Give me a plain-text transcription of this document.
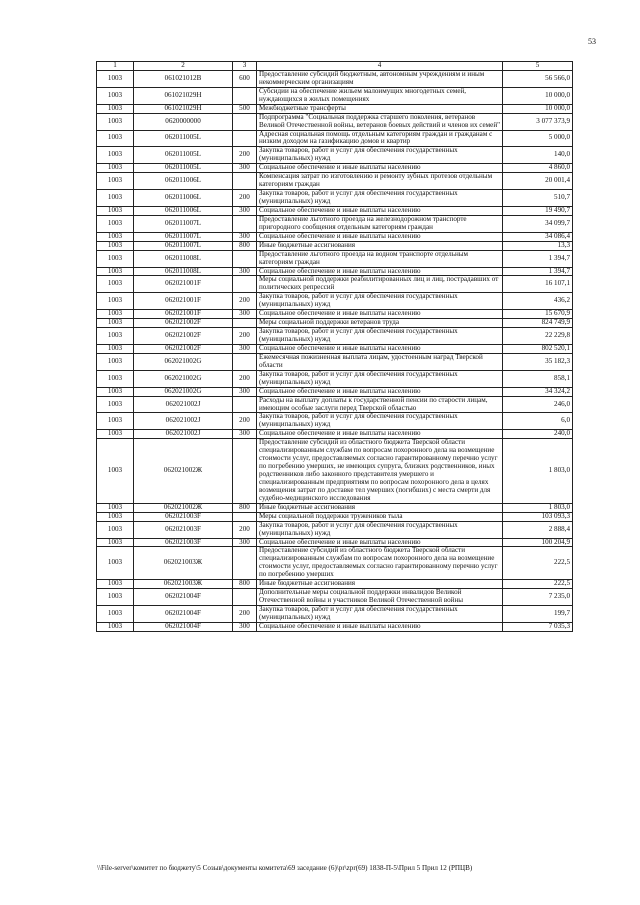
53
1	2	3	4	5
1003	061021012B	600	Предоставление субсидий бюджетным, автономным учреждениям и иным некоммерческим организациям	56 566,0
1003	061021029Н		Субсидии на обеспечение жильем малоимущих многодетных семей, нуждающихся в жилых помещениях	10 000,0
1003	061021029Н	500	Межбюджетные трансферты	10 000,0
1003	0620000000		Подпрограмма "Социальная поддержка старшего поколения, ветеранов Великой Отечественной войны, ветеранов боевых действий и членов их семей"	3 077 373,9
1003	062011005L		Адресная социальная помощь отдельным категориям граждан и гражданам с низким доходом на газификацию домов и квартир	5 000,0
1003	062011005L	200	Закупка товаров, работ и услуг для обеспечения государственных (муниципальных) нужд	140,0
1003	062011005L	300	Социальное обеспечение и иные выплаты населению	4 860,0
1003	062011006L		Компенсация затрат по изготовлению и ремонту зубных протезов отдельным категориям граждан	20 001,4
1003	062011006L	200	Закупка товаров, работ и услуг для обеспечения государственных (муниципальных) нужд	510,7
1003	062011006L	300	Социальное обеспечение и иные выплаты населению	19 490,7
1003	062011007L		Предоставление льготного проезда на железнодорожном транспорте пригородного сообщения отдельным категориям граждан	34 099,7
1003	062011007L	300	Социальное обеспечение и иные выплаты населению	34 086,4
1003	062011007L	800	Иные бюджетные ассигнования	13,3
1003	062011008L		Предоставление льготного проезда на водном транспорте отдельным категориям граждан	1 394,7
1003	062011008L	300	Социальное обеспечение и иные выплаты населению	1 394,7
1003	062021001F		Меры социальной поддержки реабилитированных лиц и лиц, пострадавших от политических репрессий	16 107,1
1003	062021001F	200	Закупка товаров, работ и услуг для обеспечения государственных (муниципальных) нужд	436,2
1003	062021001F	300	Социальное обеспечение и иные выплаты населению	15 670,9
1003	062021002F		Меры социальной поддержки ветеранов труда	824 749,9
1003	062021002F	200	Закупка товаров, работ и услуг для обеспечения государственных (муниципальных) нужд	22 229,8
1003	062021002F	300	Социальное обеспечение и иные выплаты населению	802 520,1
1003	062021002G		Ежемесячная пожизненная выплата лицам, удостоенным наград Тверской области	35 182,3
1003	062021002G	200	Закупка товаров, работ и услуг для обеспечения государственных (муниципальных) нужд	858,1
1003	062021002G	300	Социальное обеспечение и иные выплаты населению	34 324,2
1003	062021002J		Расходы на выплату доплаты к государственной пенсии по старости лицам, имеющим особые заслуги перед Тверской областью	246,0
1003	062021002J	200	Закупка товаров, работ и услуг для обеспечения государственных (муниципальных) нужд	6,0
1003	062021002J	300	Социальное обеспечение и иные выплаты населению	240,0
1003	062021002Ж		Предоставление субсидий из областного бюджета Тверской области специализированным службам по вопросам похоронного дела на возмещение стоимости услуг, предоставляемых согласно гарантированному перечню услуг по погребению умерших, не имеющих супруга, близких родственников, иных родственников либо законного представителя умершего и специализированным предприятиям по вопросам похоронного дела в целях возмещения затрат по доставке тел умерших (погибших) с места смерти для судебно-медицинского исследования	1 803,0
1003	062021002Ж	800	Иные бюджетные ассигнования	1 803,0
1003	062021003F		Меры социальной поддержки тружеников тыла	103 093,3
1003	062021003F	200	Закупка товаров, работ и услуг для обеспечения государственных (муниципальных) нужд	2 888,4
1003	062021003F	300	Социальное обеспечение и иные выплаты населению	100 204,9
1003	062021003Ж		Предоставление субсидий из областного бюджета Тверской области специализированным службам по вопросам похоронного дела на возмещение стоимости услуг, предоставляемых согласно гарантированному перечню услуг по погребению умерших	222,5
1003	062021003Ж	800	Иные бюджетные ассигнования	222,5
1003	062021004F		Дополнительные меры социальной поддержки инвалидов Великой Отечественной войны и участников Великой Отечественной войны	7 235,0
1003	062021004F	200	Закупка товаров, работ и услуг для обеспечения государственных (муниципальных) нужд	199,7
1003	062021004F	300	Социальное обеспечение и иные выплаты населению	7 035,3
\\File-server\комитет по бюджету\5 Созыв\документы комитета\69 заседание (6)\pr\zpr(69) 1838-П-5\Прил 5 Прил 12 (РПЦВ)
